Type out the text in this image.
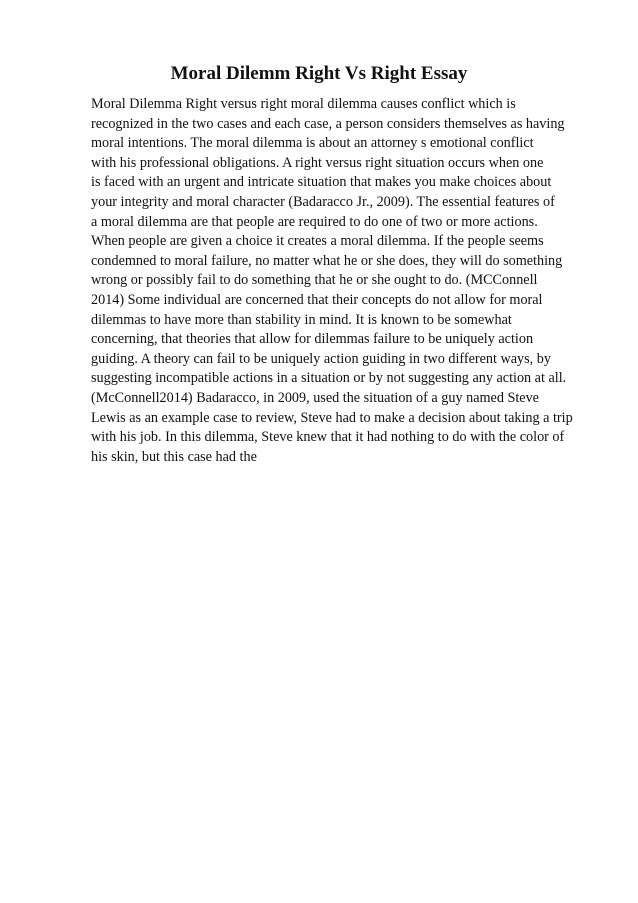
Moral Dilemm Right Vs Right Essay
Moral Dilemma Right versus right moral dilemma causes conflict which is
recognized in the two cases and each case, a person considers themselves as having
moral intentions. The moral dilemma is about an attorney s emotional conflict
with his professional obligations. A right versus right situation occurs when one
is faced with an urgent and intricate situation that makes you make choices about
your integrity and moral character (Badaracco Jr., 2009). The essential features of
a moral dilemma are that people are required to do one of two or more actions.
When people are given a choice it creates a moral dilemma. If the people seems
condemned to moral failure, no matter what he or she does, they will do something
wrong or possibly fail to do something that he or she ought to do. (MCConnell
2014) Some individual are concerned that their concepts do not allow for moral
dilemmas to have more than stability in mind. It is known to be somewhat
concerning, that theories that allow for dilemmas failure to be uniquely action
guiding. A theory can fail to be uniquely action guiding in two different ways, by
suggesting incompatible actions in a situation or by not suggesting any action at all.
(McConnell2014) Badaracco, in 2009, used the situation of a guy named Steve
Lewis as an example case to review, Steve had to make a decision about taking a trip
with his job. In this dilemma, Steve knew that it had nothing to do with the color of
his skin, but this case had the
